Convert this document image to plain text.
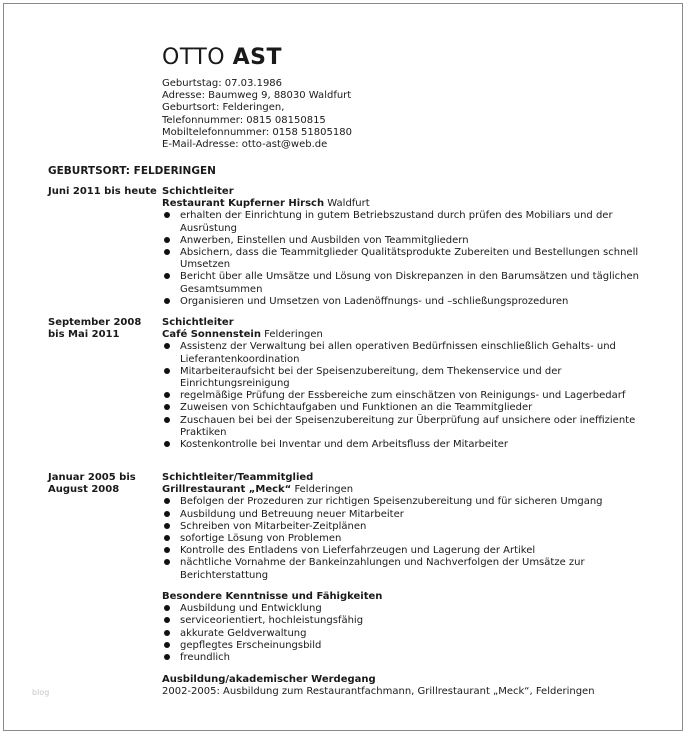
OTTO AST
Geburtstag: 07.03.1986
Adresse: Baumweg 9, 88030 Waldfurt
Geburtsort: Felderingen,
Telefonnummer: 0815 08150815
Mobiltelefonnummer: 0158 51805180
E-Mail-Adresse: otto-ast@web.de
GEBURTSORT: FELDERINGEN
Juni 2011 bis heute Schichtleiter
Restaurant Kupferner Hirsch Waldfurt
erhalten der Einrichtung in gutem Betriebszustand durch prüfen des Mobiliars und der Ausrüstung
Anwerben, Einstellen und Ausbilden von Teammitgliedern
Absichern, dass die Teammitglieder Qualitätsprodukte Zubereiten und Bestellungen schnell Umsetzen
Bericht über alle Umsätze und Lösung von Diskrepanzen in den Barumsätzen und täglichen Gesamtsummen
Organisieren und Umsetzen von Ladenöffnungs- und –schließungsprozeduren
September 2008 bis Mai 2011
Schichtleiter
Café Sonnenstein Felderingen
Assistenz der Verwaltung bei allen operativen Bedürfnissen einschließlich Gehalts- und Lieferantenkoordination
Mitarbeiteraufsicht bei der Speisenzubereitung, dem Thekenservice und der Einrichtungsreinigung
regelmäßige Prüfung der Essbereiche zum einschätzen von Reinigungs- und Lagerbedarf
Zuweisen von Schichtaufgaben und Funktionen an die Teammitglieder
Zuschauen bei bei der Speisenzubereitung zur Überprüfung auf unsichere oder ineffiziente Praktiken
Kostenkontrolle bei Inventar und dem Arbeitsfluss der Mitarbeiter
Januar 2005 bis August 2008
Schichtleiter/Teammitglied
Grillrestaurant „Meck“ Felderingen
Befolgen der Prozeduren zur richtigen Speisenzubereitung und für sicheren Umgang
Ausbildung und Betreuung neuer Mitarbeiter
Schreiben von Mitarbeiter-Zeitplänen
sofortige Lösung von Problemen
Kontrolle des Entladens von Lieferfahrzeugen und Lagerung der Artikel
nächtliche Vornahme der Bankeinzahlungen und Nachverfolgen der Umsätze zur Berichterstattung
Besondere Kenntnisse und Fähigkeiten
Ausbildung und Entwicklung
serviceorientiert, hochleistungsfähig
akkurate Geldverwaltung
gepflegtes Erscheinungsbild
freundlich
Ausbildung/akademischer Werdegang
2002-2005: Ausbildung zum Restaurantfachmann, Grillrestaurant „Meck“, Felderingen
blog
